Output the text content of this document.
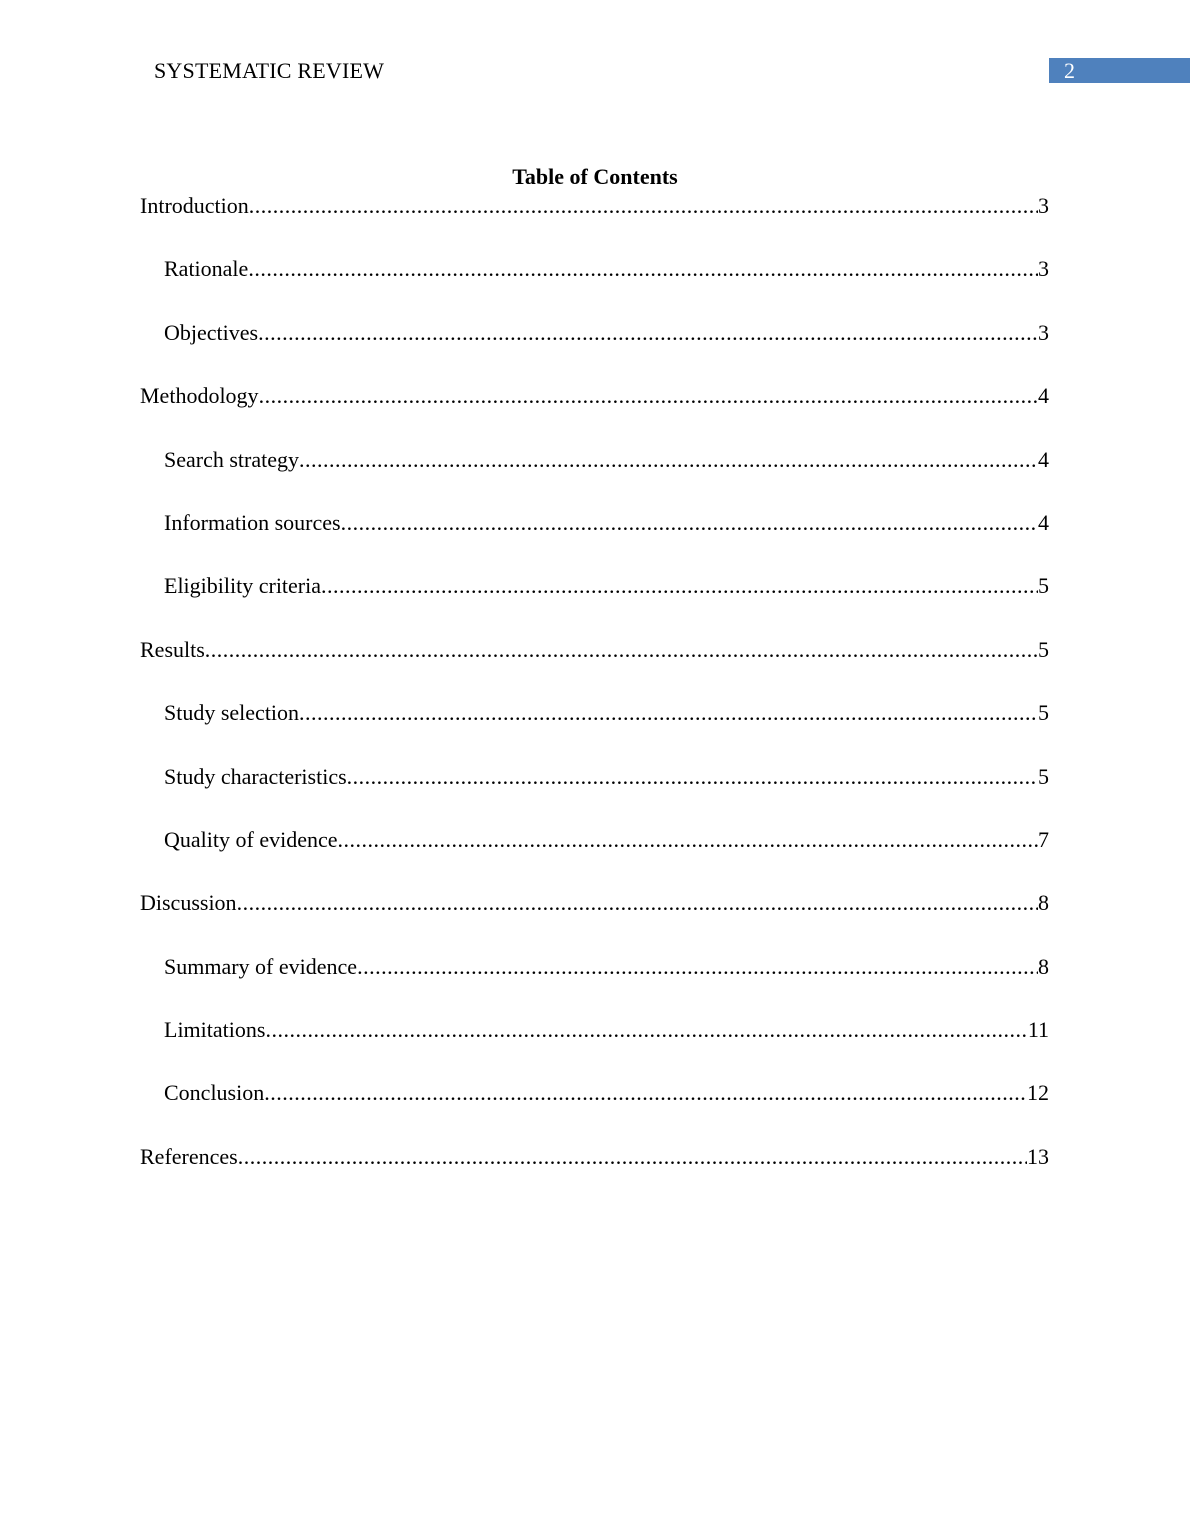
SYSTEMATIC REVIEW	2
Table of Contents
Introduction .....	3
Rationale .....	3
Objectives .....	3
Methodology .....	4
Search strategy .....	4
Information sources .....	4
Eligibility criteria .....	5
Results .....	5
Study selection .....	5
Study characteristics .....	5
Quality of evidence .....	7
Discussion .....	8
Summary of evidence .....	8
Limitations .....	11
Conclusion .....	12
References .....	13
